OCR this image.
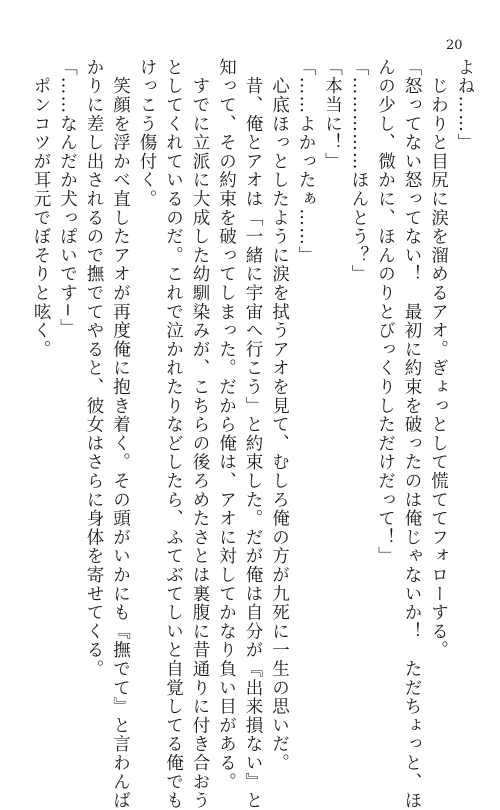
20
よね……」
　じわりと目尻に涙を溜めるアオ。ぎょっとして慌ててフォローする。
「怒ってない怒ってない！　最初に約束を破ったのは俺じゃないか！　ただちょっと、ほ
んの少し、微かに、ほんのりとびっくりしただけだって！」
「……………ほんとう？」
「本当に！」
「……よかったぁ……」
　心底ほっとしたように涙を拭うアオを見て、むしろ俺の方が九死に一生の思いだ。
　昔、俺とアオは「一緒に宇宙へ行こう」と約束した。だが俺は自分が『出来損ない』と
知って、その約束を破ってしまった。だから俺は、アオに対してかなり負い目がある。
　すでに立派に大成した幼馴染みが、こちらの後ろめたさとは裏腹に昔通りに付き合おう
としてくれているのだ。これで泣かれたりなどしたら、ふてぶてしいと自覚してる俺でも
けっこう傷付く。
　笑顔を浮かべ直したアオが再度俺に抱き着く。その頭がいかにも『撫でて』と言わんば
かりに差し出されるので撫でてやると、彼女はさらに身体を寄せてくる。
「……なんだか犬っぽいです−」
　ポンコツが耳元でぼそりと呟く。
